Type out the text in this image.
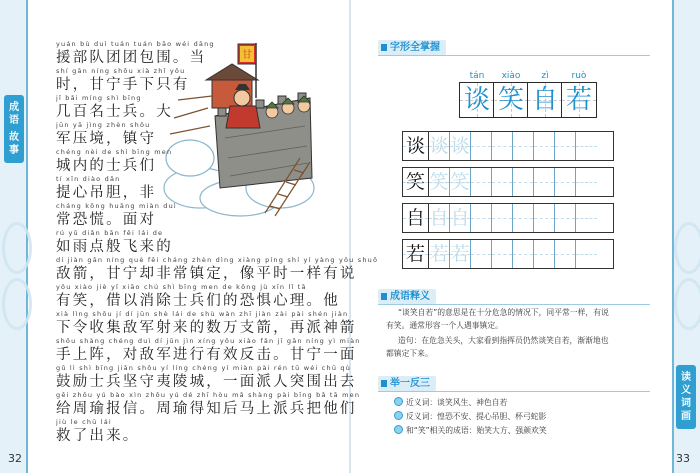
成
语
故
事
读
义
词
画
32	33
甘
yuán bù duì tuán tuán bāo wéi dāng
援部队团团包围。当
shí gān níng shǒu xià zhǐ yǒu
时，甘宁手下只有
jǐ bǎi míng shì bīng
几百名士兵。大
jūn yā jìng zhèn shǒu
军压境，镇守
chéng nèi de shì bīng men
城内的士兵们
tí xīn diào dǎn
提心吊胆，非
cháng kǒng huāng miàn duì
常恐慌。面对
rú yǔ diǎn bān fēi lái de
如雨点般飞来的
dí jiàn gān níng què fēi cháng zhèn dìng xiàng píng shí yí yàng yǒu shuō
敌箭，甘宁却非常镇定，像平时一样有说
yǒu xiào jiè yǐ xiāo chú shì bīng men de kǒng jù xīn lǐ tā
有笑，借以消除士兵们的恐惧心理。他
xià lìng shōu jí dí jūn shè lái de shù wàn zhī jiàn zài pài shén jiàn
下令收集敌军射来的数万支箭，再派神箭
shǒu shàng chéng duì dí jūn jìn xíng yǒu xiào fǎn jī gān níng yì miàn
手上阵，对敌军进行有效反击。甘宁一面
gǔ lì shì bīng jiān shǒu yí líng chéng yí miàn pài rén tū wéi chū qù
鼓励士兵坚守夷陵城，一面派人突围出去
gěi zhōu yú bào xìn zhōu yú dé zhī hòu mǎ shàng pài bīng bǎ tā men
给周瑜报信。周瑜得知后马上派兵把他们
jiù le chū lái
救了出来。
字形全掌握
tán	xiào	zì	ruò
谈 笑 自 若
谈 谈 谈
笑 笑 笑
自 自 自
若 若 若
成语释义
“谈笑自若”的意思是在十分危急的情况下，同平常一样，有说
有笑。通常形容一个人遇事镇定。
造句：在危急关头，大家看到指挥员仍然谈笑自若，渐渐地也
都镇定下来。
举一反三
近义词：谈笑风生、神色自若
反义词：惶恐不安、提心吊胆、杯弓蛇影
和“笑”相关的成语：贻笑大方、强颜欢笑
